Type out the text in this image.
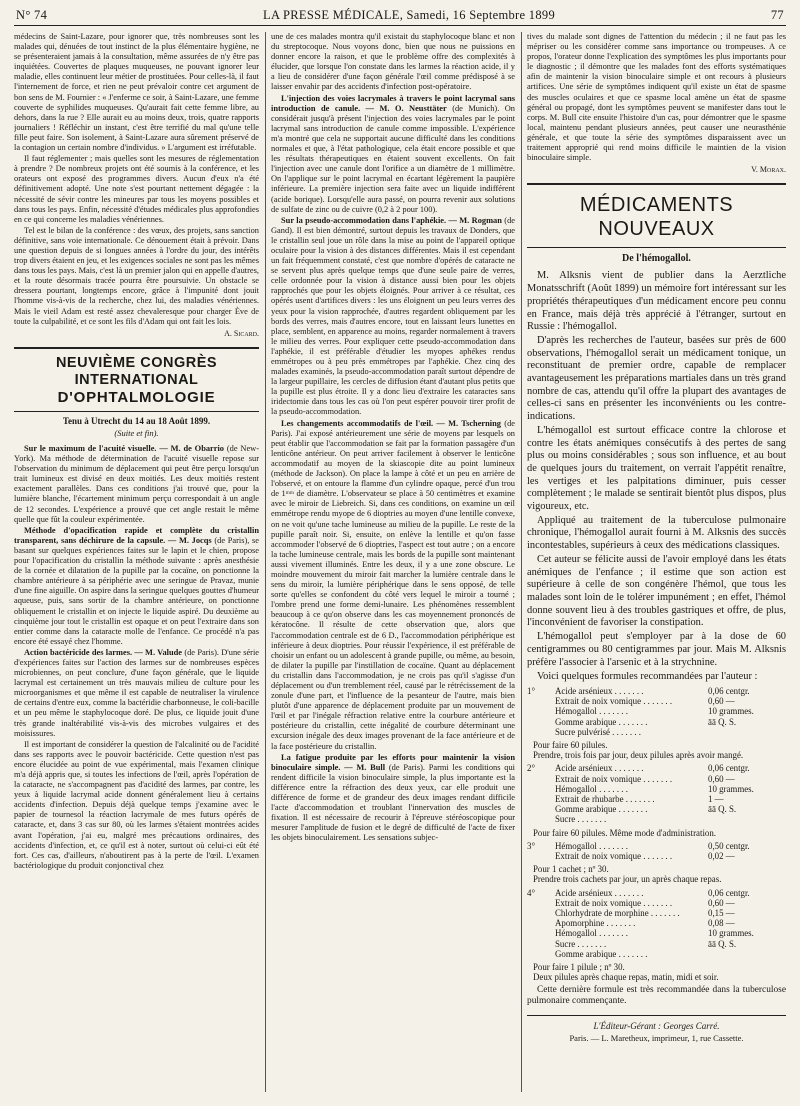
N° 74	LA PRESSE MÉDICALE, Samedi, 16 Septembre 1899	77

médecins de Saint-Lazare, pour ignorer que, très nombreuses sont les malades qui, dénuées de tout instinct de la plus élémentaire hygiène, ne se présenteraient jamais à la consultation, même assurées de n'y être pas inquiétées. Couvertes de plaques muqueuses, ne pouvant ignorer leur maladie, elles continuent leur métier de prostituées. Pour celles-là, il faut l'internement de force, et rien ne peut prévaloir contre cet argument de bon sens de M. Fournier : « J'enferme ce soir, à Saint-Lazare, une femme couverte de syphilides muqueuses. Qu'aurait fait cette femme libre, au dehors, dans la rue ? Elle aurait eu au moins deux, trois, quatre rapports journaliers ! Réfléchir un instant, c'est être terrifié du mal qu'une telle fille peut faire. Son isolement, à Saint-Lazare aura sûrement préservé de la contagion un certain nombre d'individus. » L'argument est irréfutable.

Il faut réglementer ; mais quelles sont les mesures de réglementation à prendre ? De nombreux projets ont été soumis à la conférence, et les orateurs ont exposé des programmes divers. Aucun d'eux n'a été définitivement adopté. Une note s'est pourtant nettement dégagée : la nécessité de sévir contre les mineures par tous les moyens possibles et dans tous les pays. Enfin, nécessité d'études médicales plus approfondies en ce qui concerne les maladies vénériennes.

Tel est le bilan de la conférence : des vœux, des projets, sans sanction définitive, sans voie internationale. Ce dénouement était à prévoir. Dans une question depuis de si longues années à l'ordre du jour, des intérêts trop divers étaient en jeu, et les exigences sociales ne sont pas les mêmes dans tous les pays. Mais, c'est là un premier jalon qui en appelle d'autres, et la route désormais tracée pourra être poursuivie. Un obstacle se dressera pourtant, longtemps encore, grâce à l'impunité dont jouit l'homme vis-à-vis de la recherche, chez lui, des maladies vénériennes. Mais le vieil Adam est resté assez chevaleresque pour charger Ève de toute la culpabilité, et ce sont les fils d'Adam qui ont fait les lois.

A. Sicard.
NEUVIÈME CONGRÈS INTERNATIONAL
D'OPHTALMOLOGIE
Tenu à Utrecht du 14 au 18 Août 1899.
(Suite et fin).

Sur le maximum de l'acuité visuelle. — M. de Obarrio (de New-York). Ma méthode de détermination de l'acuité visuelle repose sur l'observation du minimum de déplacement qui peut être perçu lorsqu'un trait lumineux est divisé en deux moitiés. Les deux moitiés restent exactement parallèles. Dans ces conditions j'ai trouvé que, pour la lumière blanche, l'écartement minimum perçu correspondait à un angle de 12 secondes. L'expérience a prouvé que cet angle restait le même quelle que fût la couleur expérimentée.

Méthode d'opacification rapide et complète du cristallin transparent, sans déchirure de la capsule. — M. Jocqs (de Paris), se basant sur quelques expériences faites sur le lapin et le chien, propose pour l'opacification du cristallin la méthode suivante : après anesthésie de la cornée et dilatation de la pupille par la cocaïne, on ponctionne la chambre antérieure à sa périphérie avec une seringue de Pravaz, munie d'une fine aiguille. On aspire dans la seringue quelques gouttes d'humeur aqueuse, puis, sans sortir de la chambre antérieure, on ponctionne obliquement le cristallin et on injecte le liquide aspiré. Du deuxième au cinquième jour tout le cristallin est opaque et on peut l'extraire dans son entier comme dans la cataracte molle de l'enfance. Ce procédé n'a pas encore été essayé chez l'homme.

Action bactéricide des larmes. — M. Valude (de Paris). D'une série d'expériences faites sur l'action des larmes sur de nombreuses espèces microbiennes, on peut conclure, d'une façon générale, que le liquide lacrymal est certainement un très mauvais milieu de culture pour les microorganismes et que même il est capable de neutraliser la virulence de certains d'entre eux, comme la bactéridie charbonneuse, le coli-bacille et un peu même le staphylocoque doré. De plus, ce liquide jouit d'une très grande inaltérabilité vis-à-vis des microbes vulgaires et des moisissures.

Il est important de considérer la question de l'alcalinité ou de l'acidité dans ses rapports avec le pouvoir bactéricide. Cette question n'est pas encore élucidée au point de vue expérimental, mais l'examen clinique m'a déjà appris que, si toutes les infections de l'œil, après l'opération de la cataracte, ne s'accompagnent pas d'acidité des larmes, par contre, les yeux à liquide lacrymal acide donnent généralement lieu à certains accidents d'infection. Depuis déjà quelque temps j'examine avec le papier de tournesol la réaction lacrymale de mes futurs opérés de cataracte, et, dans 3 cas sur 80, où les larmes s'étaient montrées acides avant l'opération, j'ai eu, malgré mes précautions ordinaires, des accidents d'infection, et, ce qu'il est à noter, surtout où celui-ci eût été fort. Ces cas, d'ailleurs, n'aboutirent pas à la perte de l'œil. L'examen bactériologique du produit conjonctival chez

une de ces malades montra qu'il existait du staphylocoque blanc et non du streptocoque. Nous voyons donc, bien que nous ne puissions en donner encore la raison, et que le problème offre des complexités à élucider, que lorsque l'on constate dans les larmes la réaction acide, il y a lieu de considérer d'une façon générale l'œil comme prédisposé à se laisser envahir par des accidents d'infection post-opératoire.

L'injection des voies lacrymales à travers le point lacrymal sans introduction de canule. — M. O. Neusttäter (de Munich). On considérait jusqu'à présent l'injection des voies lacrymales par le point lacrymal sans introduction de canule comme impossible. L'expérience m'a montré que cela ne supportait aucune difficulté dans les conditions normales et que, à l'état pathologique, cela était encore possible et que les résultats thérapeutiques en étaient souvent excellents. On fait l'injection avec une canule dont l'orifice a un diamètre de 1 millimètre. On l'applique sur le point lacrymal en écartant légèrement la paupière inférieure. La première injection sera faite avec un liquide indifférent (acide borique). Lorsqu'elle aura passé, on pourra revenir aux solutions de sulfate de zinc ou de cuivre (0,2 à 2 pour 100).

Sur la pseudo-accommodation dans l'aphékie. — M. Rogman (de Gand). Il est bien démontré, surtout depuis les travaux de Donders, que le cristallin seul joue un rôle dans la mise au point de l'appareil optique oculaire pour la vision à des distances différentes. Mais il est cependant un fait fréquemment constaté, c'est que nombre d'opérés de cataracte ne se servent plus après quelque temps que d'une seule paire de verres, celle ordonnée pour la vision à distance aussi bien pour les objets rapprochés que pour les objets éloignés. Pour arriver à ce résultat, ces opérés usent d'artifices divers : les uns éloignent un peu leurs verres des yeux pour la vision rapprochée, d'autres regardent obliquement par les bords des verres, mais d'autres encore, tout en laissant leurs lunettes en place, semblent, en apparence au moins, regarder normalement à travers le milieu des verres. Pour expliquer cette pseudo-accommodation dans l'aphékie, il est préférable d'étudier les myopes aphékes rendus emmétropes ou à peu près emmétropes par l'aphékie. Chez cinq des malades examinés, la pseudo-accommodation paraît surtout dépendre de la largeur pupillaire, les cercles de diffusion étant d'autant plus petits que la pupille est plus étroite. Il y a donc lieu d'extraire les cataractes sans iridectomie dans tous les cas où l'on peut espérer pouvoir tirer profit de la pseudo-accommodation.

Les changements accommodatifs de l'œil. — M. Tscherning (de Paris). J'ai exposé antérieurement une série de moyens par lesquels on peut établir que l'accommodation se fait par la formation passagère d'un lenticône antérieur. On peut arriver facilement à observer le lenticône accommodatif au moyen de la skiascopie dite au point lumineux (méthode de Jackson). On place la lampe à côté et un peu en arrière de l'observé, et on entoure la flamme d'un cylindre opaque, percé d'un trou de 1ᵐᵐ de diamètre. L'observateur se place à 50 centimètres et examine avec le miroir de Liebreich. Si, dans ces conditions, on examine un œil emmétrope rendu myope de 6 dioptries au moyen d'une lentille convexe, on ne voit qu'une tache lumineuse au milieu de la pupille. Le reste de la pupille paraît noir. Si, ensuite, on enlève la lentille et qu'on fasse accommoder l'observé de 6 dioptries, l'aspect est tout autre ; on a encore la tache lumineuse centrale, mais les bords de la pupille sont maintenant aussi vivement illuminés. Entre les deux, il y a une zone obscure. Le moindre mouvement du miroir fait marcher la lumière centrale dans le sens du miroir, la lumière périphérique dans le sens opposé, de telle sorte qu'elles se confondent du côté vers lequel le miroir a tourné ; l'ombre prend une forme demi-lunaire. Les phénomènes ressemblent beaucoup à ce qu'on observe dans les cas moyennement prononcés de kératocône. Il résulte de cette observation que, alors que l'accommodation centrale est de 6 D., l'accommodation périphérique est inférieure à deux dioptries. Pour réussir l'expérience, il est préférable de choisir un enfant ou un adolescent à grande pupille, ou même, au besoin, de dilater la pupille par l'instillation de cocaïne. Quant au déplacement du cristallin dans l'accommodation, je ne crois pas qu'il s'agisse d'un déplacement ou d'un tremblement réel, causé par le rétrécissement de la zonule d'une part, et l'influence de la pesanteur de l'autre, mais bien plutôt d'une apparence de déplacement produite par un mouvement de l'œil et par l'inégale réfraction relative entre la courbure antérieure et postérieure du cristallin, cette inégalité de courbure déterminant une excursion inégale des deux images provenant de la face antérieure et de la face postérieure du cristallin.

La fatigue produite par les efforts pour maintenir la vision binoculaire simple. — M. Bull (de Paris). Parmi les conditions qui rendent difficile la vision binoculaire simple, la plus importante est la différence entre la réfraction des deux yeux, car elle produit une différence de forme et de grandeur des deux images rendant difficile l'acte d'accommodation et troublant l'innervation des muscles de fixation. Il est nécessaire de recourir à l'épreuve stéréoscopique pour mesurer l'amplitude de fusion et le degré de difficulté de l'acte de fixer les objets binoculairement. Les sensations subjec-

tives du malade sont dignes de l'attention du médecin ; il ne faut pas les mépriser ou les considérer comme sans importance ou trompeuses. A ce propos, l'orateur donne l'explication des symptômes les plus importants pour le diagnostic ; il démontre que les malades font des efforts systématiques afin de maintenir la vision binoculaire simple et ont recours à plusieurs artifices. Une série de symptômes indiquent qu'il existe un état de spasme des muscles oculaires et que ce spasme local amène un état de spasme général ou propagé, dont les symptômes peuvent se manifester dans tout le corps. M. Bull cite ensuite l'histoire d'un cas, pour démontrer que le spasme local, maintenu pendant plusieurs années, peut causer une neurasthénie générale, et que toute la série des symptômes disparaissent avec un traitement approprié qui rend moins difficile le maintien de la vision binoculaire simple.

V. Morax.
MÉDICAMENTS NOUVEAUX
De l'hémogallol.

M. Alksnis vient de publier dans la Aerztliche Monatsschrift (Août 1899) un mémoire fort intéressant sur les propriétés thérapeutiques d'un médicament encore peu connu en France, mais déjà très apprécié à l'étranger, surtout en Russie : l'hémogallol.

D'après les recherches de l'auteur, basées sur près de 600 observations, l'hémogallol serait un médicament tonique, un reconstituant de premier ordre, capable de remplacer avantageusement les préparations martiales dans un très grand nombre de cas, attendu qu'il offre la plupart des avantages de celles-ci sans en présenter les inconvénients ou les contre-indications.

L'hémogallol est surtout efficace contre la chlorose et contre les états anémiques consécutifs à des pertes de sang plus ou moins considérables ; sous son influence, et au bout de quelques jours du traitement, on verrait l'appétit renaître, les vertiges et les palpitations diminuer, puis cesser complètement ; le malade se sentirait bientôt plus dispos, plus vigoureux, etc.

Appliqué au traitement de la tuberculose pulmonaire chronique, l'hémogallol aurait fourni à M. Alksnis des succès incontestables, supérieurs à ceux des médications classiques.

Cet auteur se félicite aussi de l'avoir employé dans les états anémiques de l'enfance ; il estime que son action est supérieure à celle de son congénère l'hémol, que tous les malades sont loin de le tolérer impunément ; en effet, l'hémol donne souvent lieu à des troubles gastriques et offre, de plus, l'inconvénient de favoriser la constipation.

L'hémogallol peut s'employer par à la dose de 60 centigrammes ou 80 centigrammes par jour. Mais M. Alksnis préfère l'associer à l'arsenic et à la strychnine.

Voici quelques formules recommandées par l'auteur :

1°	Acide arsénieux . . . . . . .	0,06 centgr.
Extrait de noix vomique . . . . . . .	0,60 —
Hémogallol . . . . . . .	10 grammes.
Gomme arabique . . . . . . .	āā Q. S.
Sucre pulvérisé . . . . . . .
Pour faire 60 pilules.
Prendre, trois fois par jour, deux pilules après avoir mangé.
2°	Acide arsénieux . . . . . . .	0,06 centgr.
Extrait de noix vomique . . . . . . .	0,60 —
Hémogallol . . . . . . .	10 grammes.
Extrait de rhubarbe . . . . . . .	1 —
Gomme arabique . . . . . . .	āā Q. S.
Sucre . . . . . . .
Pour faire 60 pilules. Même mode d'administration.
3°	Hémogallol . . . . . . .	0,50 centgr.
Extrait de noix vomique . . . . . . .	0,02 —
Pour 1 cachet ; nº 30.
Prendre trois cachets par jour, un après chaque repas.
4°	Acide arsénieux . . . . . . .	0,06 centgr.
Extrait de noix vomique . . . . . . .	0,60 —
Chlorhydrate de morphine . . . . . . .	0,15 —
Apomorphine . . . . . . .	0,08 —
Hémogallol . . . . . . .	10 grammes.
Sucre . . . . . . .	āā Q. S.
Gomme arabique . . . . . . .
Pour faire 1 pilule ; nº 30.
Deux pilules après chaque repas, matin, midi et soir.

Cette dernière formule est très recommandée dans la tuberculose pulmonaire commençante.

L'Éditeur-Gérant : Georges Carré.
Paris. — L. Maretheux, imprimeur, 1, rue Cassette.
